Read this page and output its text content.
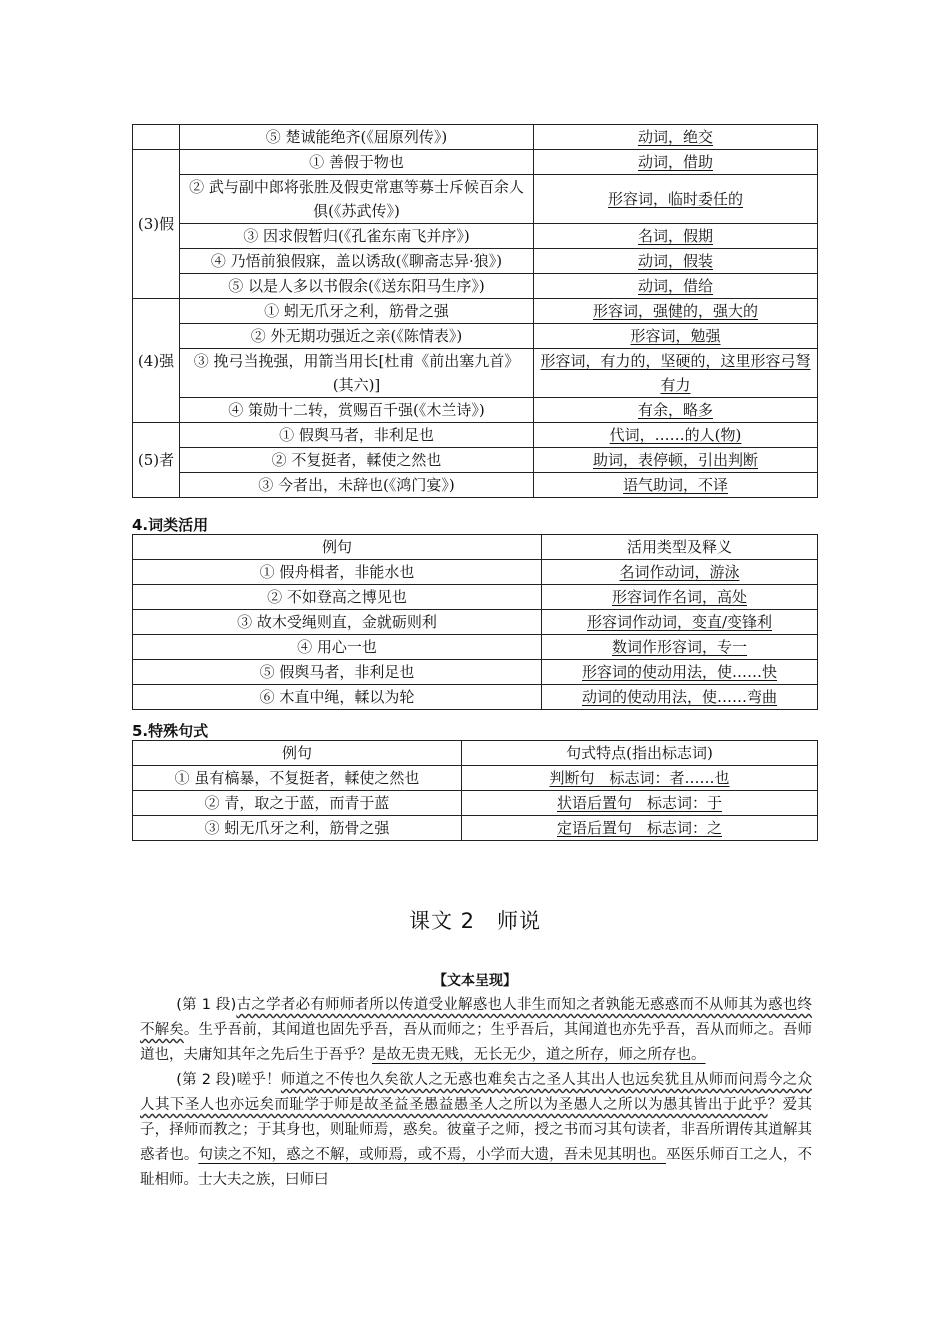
	⑤ 楚诚能绝齐(《屈原列传》)	动词，绝交
(3)假	① 善假于物也	动词，借助
	② 武与副中郎将张胜及假吏常惠等募士斥候百余人俱(《苏武传》)	形容词，临时委任的
	③ 因求假暂归(《孔雀东南飞并序》)	名词，假期
	④ 乃悟前狼假寐，盖以诱敌(《聊斋志异·狼》)	动词，假装
	⑤ 以是人多以书假余(《送东阳马生序》)	动词，借给
(4)强	① 蚓无爪牙之利，筋骨之强	形容词，强健的，强大的
	② 外无期功强近之亲(《陈情表》)	形容词，勉强
	③ 挽弓当挽强，用箭当用长[杜甫《前出塞九首》(其六)]	形容词，有力的，坚硬的，这里形容弓弩有力
	④ 策勋十二转，赏赐百千强(《木兰诗》)	有余，略多
(5)者	① 假舆马者，非利足也	代词，……的人(物)
	② 不复挺者，輮使之然也	助词，表停顿，引出判断
	③ 今者出，未辞也(《鸿门宴》)	语气助词，不译
4.词类活用
例句	活用类型及释义
① 假舟楫者，非能水也	名词作动词，游泳
② 不如登高之博见也	形容词作名词，高处
③ 故木受绳则直，金就砺则利	形容词作动词，变直/变锋利
④ 用心一也	数词作形容词，专一
⑤ 假舆马者，非利足也	形容词的使动用法，使……快
⑥ 木直中绳，輮以为轮	动词的使动用法，使……弯曲
5.特殊句式
例句	句式特点(指出标志词)
① 虽有槁暴，不复挺者，輮使之然也	判断句　标志词：者……也
② 青，取之于蓝，而青于蓝	状语后置句　标志词：于
③ 蚓无爪牙之利，筋骨之强	定语后置句　标志词：之
课文 2　师说
【文本呈现】

(第 1 段)古之学者必有师师者所以传道受业解惑也人非生而知之者孰能无惑惑而不从师其为惑也终不解矣。生乎吾前，其闻道也固先乎吾，吾从而师之；生乎吾后，其闻道也亦先乎吾，吾从而师之。吾师道也，夫庸知其年之先后生于吾乎？是故无贵无贱，无长无少，道之所存，师之所存也。

(第 2 段)嗟乎！师道之不传也久矣欲人之无惑也难矣古之圣人其出人也远矣犹且从师而问焉今之众人其下圣人也亦远矣而耻学于师是故圣益圣愚益愚圣人之所以为圣愚人之所以为愚其皆出于此乎？爱其子，择师而教之；于其身也，则耻师焉，惑矣。彼童子之师，授之书而习其句读者，非吾所谓传其道解其惑者也。句读之不知，惑之不解，或师焉，或不焉，小学而大遗，吾未见其明也。巫医乐师百工之人，不耻相师。士大夫之族，曰师曰
